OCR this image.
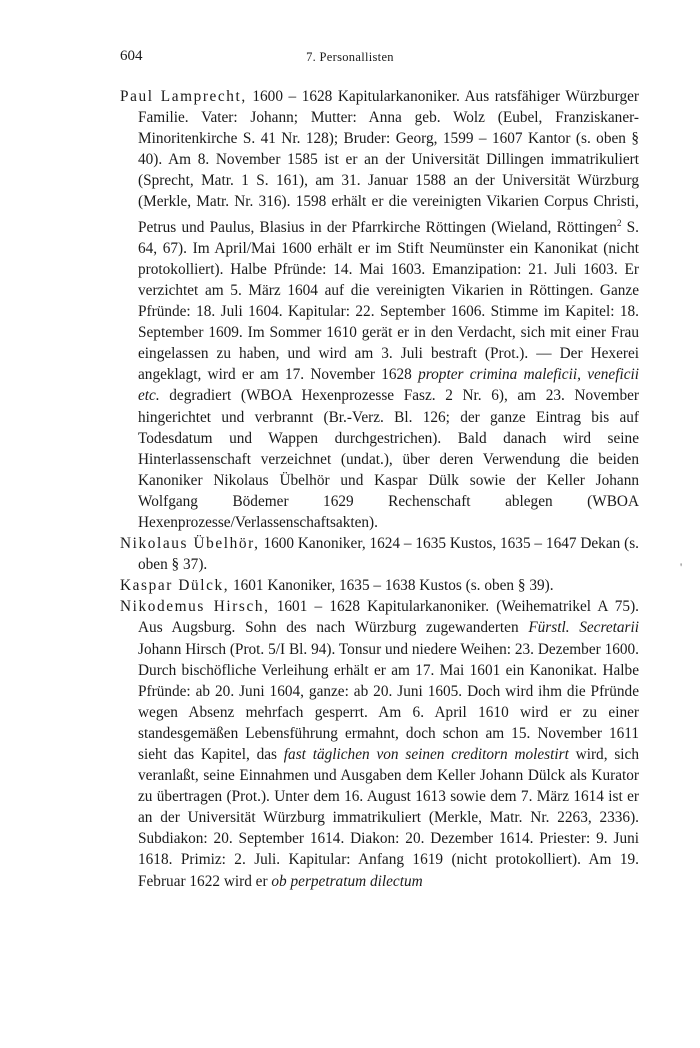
604	7. Personallisten
'

Paul Lamprecht, 1600 – 1628 Kapitularkanoniker. Aus ratsfähiger Würzburger Familie. Vater: Johann; Mutter: Anna geb. Wolz (Eubel, Franziskaner-Minoritenkirche S. 41 Nr. 128); Bruder: Georg, 1599 – 1607 Kantor (s. oben § 40). Am 8. November 1585 ist er an der Universität Dillingen immatrikuliert (Sprecht, Matr. 1 S. 161), am 31. Januar 1588 an der Universität Würzburg (Merkle, Matr. Nr. 316). 1598 erhält er die vereinigten Vikarien Corpus Christi, Petrus und Paulus, Blasius in der Pfarrkirche Röttingen (Wieland, Röttingen$^2$ S. 64, 67). Im April/Mai 1600 erhält er im Stift Neumünster ein Kanonikat (nicht protokolliert). Halbe Pfründe: 14. Mai 1603. Emanzipation: 21. Juli 1603. Er verzichtet am 5. März 1604 auf die vereinigten Vikarien in Röttingen. Ganze Pfründe: 18. Juli 1604. Kapitular: 22. September 1606. Stimme im Kapitel: 18. September 1609. Im Sommer 1610 gerät er in den Verdacht, sich mit einer Frau eingelassen zu haben, und wird am 3. Juli bestraft (Prot.). — Der Hexerei angeklagt, wird er am 17. November 1628 propter crimina maleficii, veneficii etc. degradiert (WBOA Hexenprozesse Fasz. 2 Nr. 6), am 23. November hingerichtet und verbrannt (Br.-Verz. Bl. 126; der ganze Eintrag bis auf Todesdatum und Wappen durchgestrichen). Bald danach wird seine Hinterlassenschaft verzeichnet (undat.), über deren Verwendung die beiden Kanoniker Nikolaus Übelhör und Kaspar Dülk sowie der Keller Johann Wolfgang Bödemer 1629 Rechenschaft ablegen (WBOA Hexenprozesse/Verlassenschaftsakten).

Nikolaus Übelhör, 1600 Kanoniker, 1624 – 1635 Kustos, 1635 – 1647 Dekan (s. oben § 37).

Kaspar Dülck, 1601 Kanoniker, 1635 – 1638 Kustos (s. oben § 39).

Nikodemus Hirsch, 1601 – 1628 Kapitularkanoniker. (Weihematrikel A 75). Aus Augsburg. Sohn des nach Würzburg zugewanderten Fürstl. Secretarii Johann Hirsch (Prot. 5/I Bl. 94). Tonsur und niedere Weihen: 23. Dezember 1600. Durch bischöfliche Verleihung erhält er am 17. Mai 1601 ein Kanonikat. Halbe Pfründe: ab 20. Juni 1604, ganze: ab 20. Juni 1605. Doch wird ihm die Pfründe wegen Absenz mehrfach gesperrt. Am 6. April 1610 wird er zu einer standesgemäßen Lebensführung ermahnt, doch schon am 15. November 1611 sieht das Kapitel, das fast täglichen von seinen creditorn molestirt wird, sich veranlaßt, seine Einnahmen und Ausgaben dem Keller Johann Dülck als Kurator zu übertragen (Prot.). Unter dem 16. August 1613 sowie dem 7. März 1614 ist er an der Universität Würzburg immatrikuliert (Merkle, Matr. Nr. 2263, 2336). Subdiakon: 20. September 1614. Diakon: 20. Dezember 1614. Priester: 9. Juni 1618. Primiz: 2. Juli. Kapitular: Anfang 1619 (nicht protokolliert). Am 19. Februar 1622 wird er ob perpetratum dilectum
